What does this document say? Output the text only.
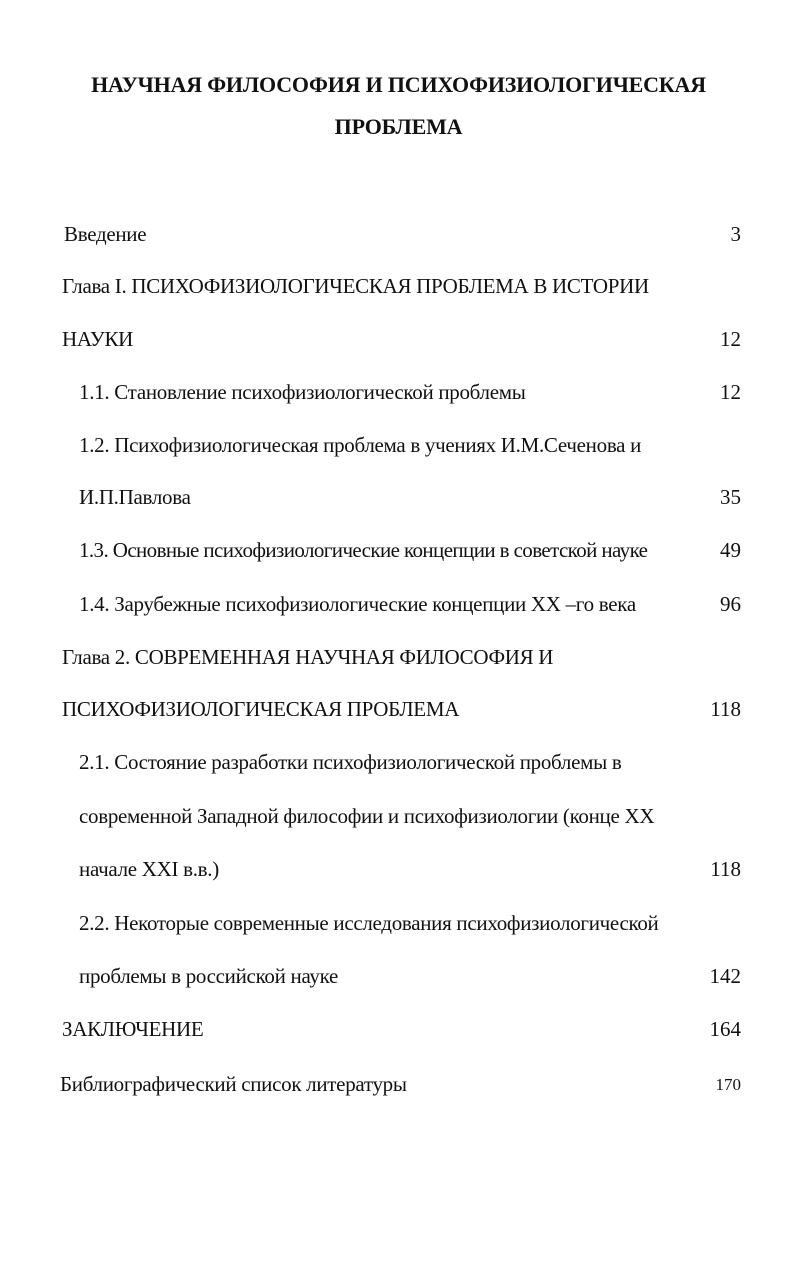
НАУЧНАЯ ФИЛОСОФИЯ И ПСИХОФИЗИОЛОГИЧЕСКАЯ
ПРОБЛЕМА
Введение	3
Глава I. ПСИХОФИЗИОЛОГИЧЕСКАЯ ПРОБЛЕМА В ИСТОРИИ
НАУКИ	12
1.1. Становление психофизиологической проблемы	12
1.2. Психофизиологическая проблема в учениях И.М.Сеченова и
И.П.Павлова	35
1.3. Основные психофизиологические концепции в советской науке	49
1.4. Зарубежные психофизиологические концепции XX –го века	96
Глава 2. СОВРЕМЕННАЯ НАУЧНАЯ ФИЛОСОФИЯ И
ПСИХОФИЗИОЛОГИЧЕСКАЯ ПРОБЛЕМА	118
2.1. Состояние разработки психофизиологической проблемы в
современной Западной философии и психофизиологии (конце XX
начале XXI в.в.)	118
2.2. Некоторые современные исследования психофизиологической
проблемы в российской науке	142
ЗАКЛЮЧЕНИЕ	164
Библиографический список литературы	170
